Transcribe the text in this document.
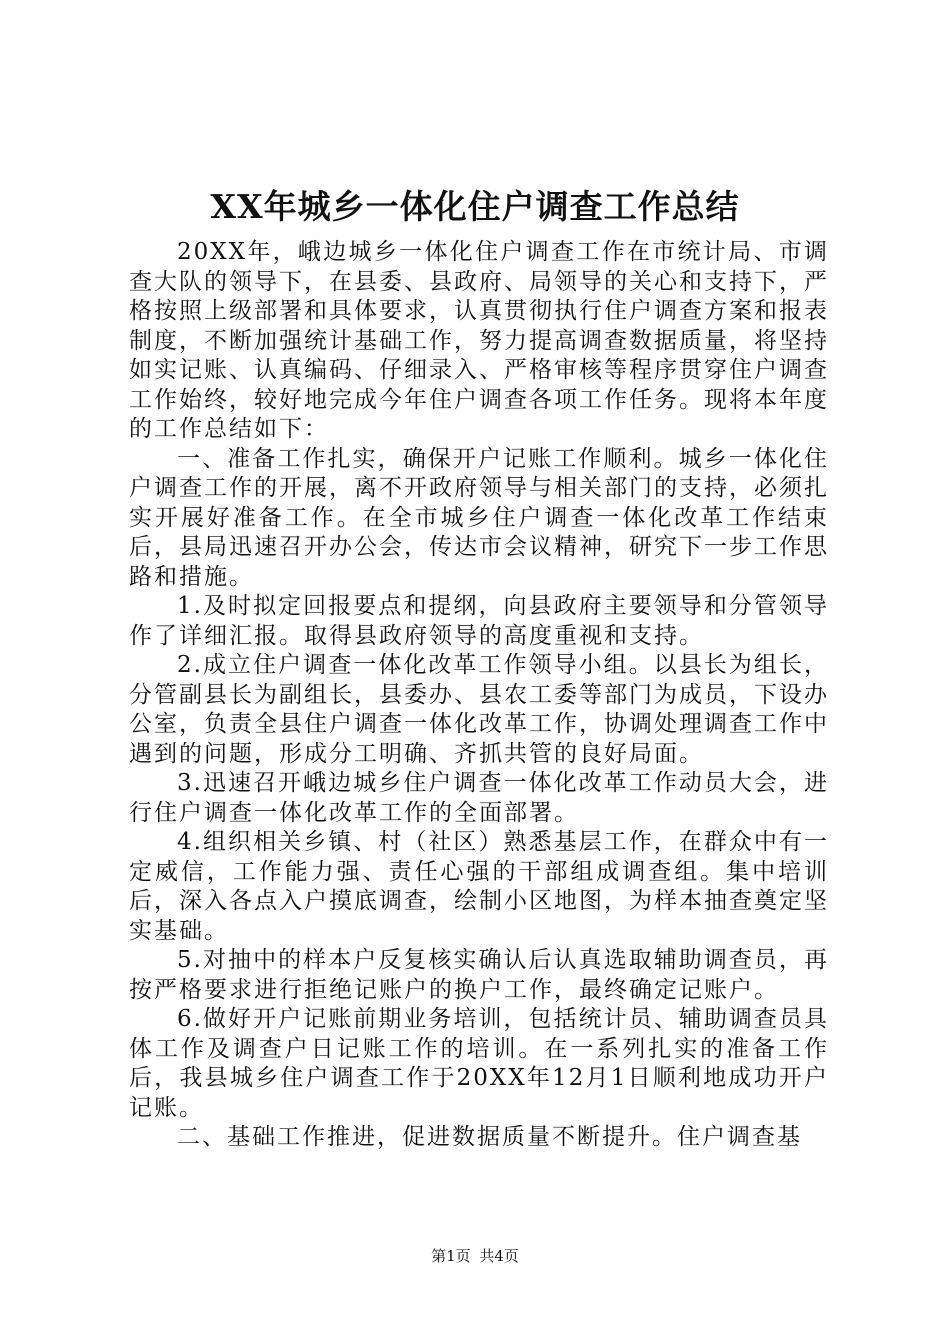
XX年城乡一体化住户调查工作总结

20XX年，峨边城乡一体化住户调查工作在市统计局、市调查大队的领导下，在县委、县政府、局领导的关心和支持下，严格按照上级部署和具体要求，认真贯彻执行住户调查方案和报表制度，不断加强统计基础工作，努力提高调查数据质量，将坚持如实记账、认真编码、仔细录入、严格审核等程序贯穿住户调查工作始终，较好地完成今年住户调查各项工作任务。现将本年度的工作总结如下：

一、准备工作扎实，确保开户记账工作顺利。城乡一体化住户调查工作的开展，离不开政府领导与相关部门的支持，必须扎实开展好准备工作。在全市城乡住户调查一体化改革工作结束后，县局迅速召开办公会，传达市会议精神，研究下一步工作思路和措施。

1.及时拟定回报要点和提纲，向县政府主要领导和分管领导作了详细汇报。取得县政府领导的高度重视和支持。

2.成立住户调查一体化改革工作领导小组。以县长为组长，分管副县长为副组长，县委办、县农工委等部门为成员，下设办公室，负责全县住户调查一体化改革工作，协调处理调查工作中遇到的问题，形成分工明确、齐抓共管的良好局面。

3.迅速召开峨边城乡住户调查一体化改革工作动员大会，进行住户调查一体化改革工作的全面部署。

4.组织相关乡镇、村（社区）熟悉基层工作，在群众中有一定威信，工作能力强、责任心强的干部组成调查组。集中培训后，深入各点入户摸底调查，绘制小区地图，为样本抽查奠定坚实基础。

5.对抽中的样本户反复核实确认后认真选取辅助调查员，再按严格要求进行拒绝记账户的换户工作，最终确定记账户。

6.做好开户记账前期业务培训，包括统计员、辅助调查员具体工作及调查户日记账工作的培训。在一系列扎实的准备工作后，我县城乡住户调查工作于20XX年12月1日顺利地成功开户记账。

二、基础工作推进，促进数据质量不断提升。住户调查基

第1页 共4页
